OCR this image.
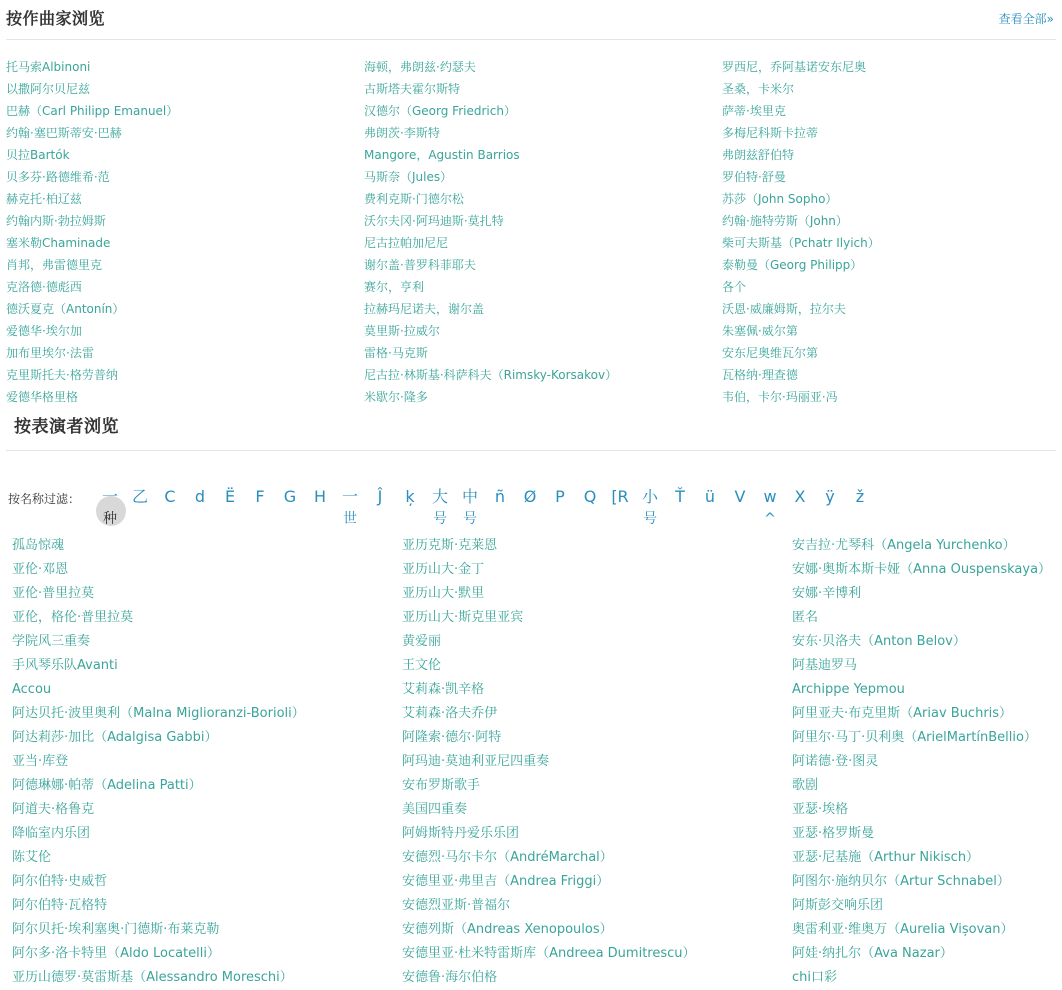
按作曲家浏览	查看全部»
托马索Albinoni
以撒阿尔贝尼兹
巴赫（Carl Philipp Emanuel）
约翰·塞巴斯蒂安·巴赫
贝拉Bartók
贝多芬·路德维希·范
赫克托·柏辽兹
约翰内斯·勃拉姆斯
塞米勒Chaminade
肖邦，弗雷德里克
克洛德·德彪西
德沃夏克（Antonín）
爱德华·埃尔加
加布里埃尔·法雷
克里斯托夫·格劳普纳
爱德华格里格
海顿，弗朗兹·约瑟夫
古斯塔夫霍尔斯特
汉德尔（Georg Friedrich）
弗朗茨·李斯特
Mangore，Agustin Barrios
马斯奈（Jules）
费利克斯·门德尔松
沃尔夫冈·阿玛迪斯·莫扎特
尼古拉帕加尼尼
谢尔盖·普罗科菲耶夫
赛尔，亨利
拉赫玛尼诺夫，谢尔盖
莫里斯·拉威尔
雷格·马克斯
尼古拉·林斯基·科萨科夫（Rimsky-Korsakov）
米歇尔·隆多
罗西尼，乔阿基诺安东尼奥
圣桑，卡米尔
萨蒂·埃里克
多梅尼科斯卡拉蒂
弗朗兹舒伯特
罗伯特·舒曼
苏莎（John Sopho）
约翰·施特劳斯（John）
柴可夫斯基（Pchatr Ilyich）
泰勒曼（Georg Philipp）
各个
沃恩·威廉姆斯，拉尔夫
朱塞佩·威尔第
安东尼奥维瓦尔第
瓦格纳·理查德
韦伯，卡尔·玛丽亚·冯
按表演者浏览
按名称过滤： 一
种
乙	C	d	Ë	F	G	H 一
世
Ĵ	ķ	大
号
中
号
ñ	Ø	P	Q [R 小
号
Ť	ü	V	w
^
X	ÿ	ž
孤岛惊魂
亚伦·邓恩
亚伦·普里拉莫
亚伦，格伦·普里拉莫
学院风三重奏
手风琴乐队Avanti
Accou
阿达贝托·波里奥利（Malna Miglioranzi-Borioli）
阿达莉莎·加比（Adalgisa Gabbi）
亚当·库登
阿德琳娜·帕蒂（Adelina Patti）
阿道夫·格鲁克
降临室内乐团
陈艾伦
阿尔伯特·史威哲
阿尔伯特·瓦格特
阿尔贝托·埃利塞奥·门德斯·布莱克勒
阿尔多·洛卡特里（Aldo Locatelli）
亚历山德罗·莫雷斯基（Alessandro Moreschi）
亚历克斯·克莱恩
亚历山大·金丁
亚历山大·默里
亚历山大·斯克里亚宾
黄爱丽
王文伦
艾莉森·凯辛格
艾莉森·洛夫乔伊
阿隆索·德尔·阿特
阿玛迪·莫迪利亚尼四重奏
安布罗斯歌手
美国四重奏
阿姆斯特丹爱乐乐团
安德烈·马尔卡尔（AndréMarchal）
安德里亚·弗里吉（Andrea Friggi）
安德烈亚斯·普福尔
安德列斯（Andreas Xenopoulos）
安德里亚·杜米特雷斯库（Andreea Dumitrescu）
安德鲁·海尔伯格
安吉拉·尤琴科（Angela Yurchenko）
安娜·奥斯本斯卡娅（Anna Ouspenskaya）
安娜·辛博利
匿名
安东·贝洛夫（Anton Belov）
阿基迪罗马
Archippe Yepmou
阿里亚夫·布克里斯（Ariav Buchris）
阿里尔·马丁·贝利奥（ArielMartínBellio）
阿诺德·登·图灵
歌剧
亚瑟·埃格
亚瑟·格罗斯曼
亚瑟·尼基施（Arthur Nikisch）
阿图尔·施纳贝尔（Artur Schnabel）
阿斯彭交响乐团
奥雷利亚·维奥万（Aurelia Vișovan）
阿娃·纳扎尔（Ava Nazar）
chi口彩
